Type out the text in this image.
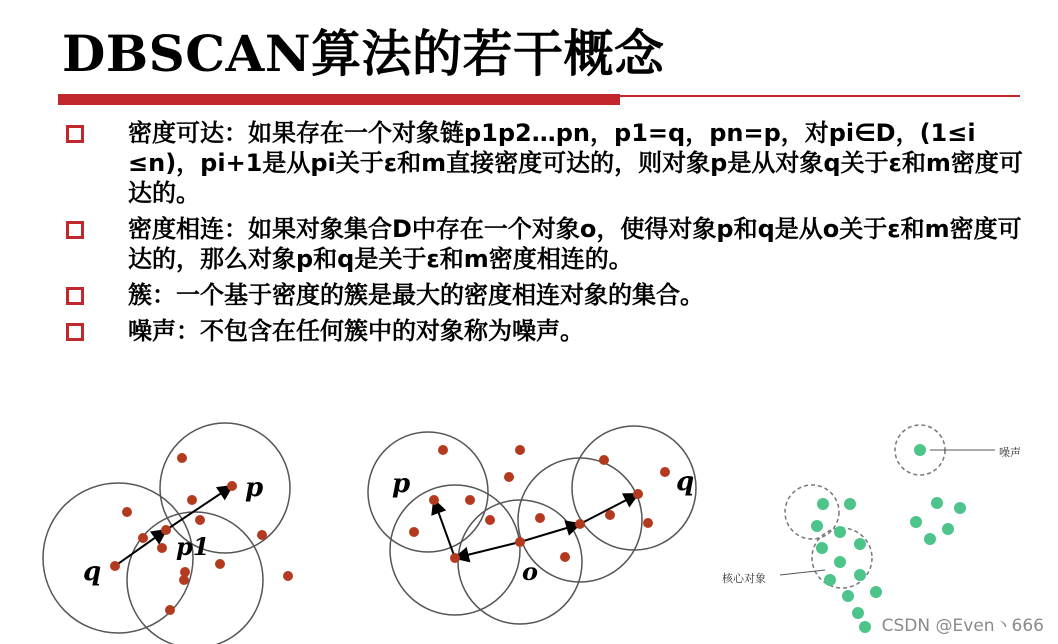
DBSCAN算法的若干概念
密度可达：如果存在一个对象链p1p2…pn，p1=q，pn=p，对pi∈D，(1≤i ≤n)，pi+1是从pi关于ε和m直接密度可达的，则对象p是从对象q关于ε和m密度可达的。
密度相连：如果对象集合D中存在一个对象o，使得对象p和q是从o关于ε和m密度可达的，那么对象p和q是关于ε和m密度相连的。
簇：一个基于密度的簇是最大的密度相连对象的集合。
噪声：不包含在任何簇中的对象称为噪声。
q
p
p1
p	q
o
噪声
核心对象
CSDN @Even丶666
